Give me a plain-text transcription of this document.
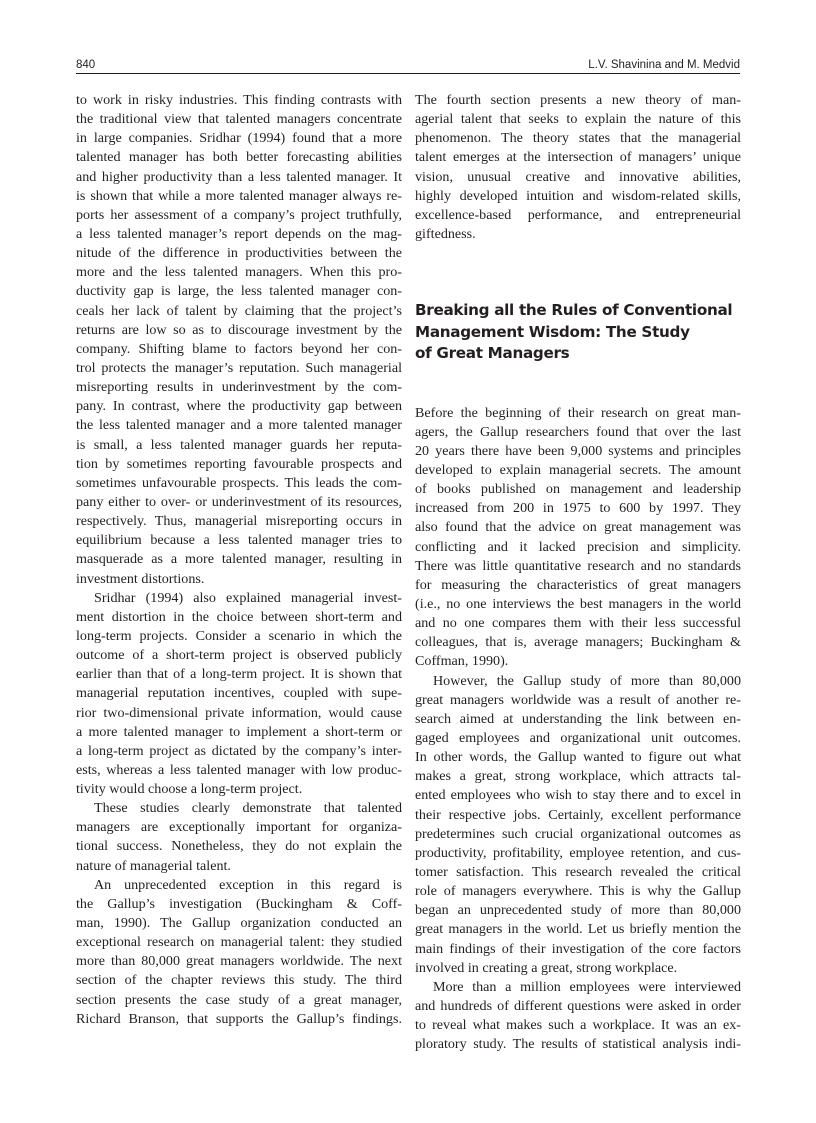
840	L.V. Shavinina and M. Medvid
to work in risky industries. This finding contrasts with
the traditional view that talented managers concentrate
in large companies. Sridhar (1994) found that a more
talented manager has both better forecasting abilities
and higher productivity than a less talented manager. It
is shown that while a more talented manager always re-
ports her assessment of a company’s project truthfully,
a less talented manager’s report depends on the mag-
nitude of the difference in productivities between the
more and the less talented managers. When this pro-
ductivity gap is large, the less talented manager con-
ceals her lack of talent by claiming that the project’s
returns are low so as to discourage investment by the
company. Shifting blame to factors beyond her con-
trol protects the manager’s reputation. Such managerial
misreporting results in underinvestment by the com-
pany. In contrast, where the productivity gap between
the less talented manager and a more talented manager
is small, a less talented manager guards her reputa-
tion by sometimes reporting favourable prospects and
sometimes unfavourable prospects. This leads the com-
pany either to over- or underinvestment of its resources,
respectively. Thus, managerial misreporting occurs in
equilibrium because a less talented manager tries to
masquerade as a more talented manager, resulting in
investment distortions.
Sridhar (1994) also explained managerial invest-
ment distortion in the choice between short-term and
long-term projects. Consider a scenario in which the
outcome of a short-term project is observed publicly
earlier than that of a long-term project. It is shown that
managerial reputation incentives, coupled with supe-
rior two-dimensional private information, would cause
a more talented manager to implement a short-term or
a long-term project as dictated by the company’s inter-
ests, whereas a less talented manager with low produc-
tivity would choose a long-term project.
These studies clearly demonstrate that talented
managers are exceptionally important for organiza-
tional success. Nonetheless, they do not explain the
nature of managerial talent.
An unprecedented exception in this regard is
the Gallup’s investigation (Buckingham & Coff-
man, 1990). The Gallup organization conducted an
exceptional research on managerial talent: they studied
more than 80,000 great managers worldwide. The next
section of the chapter reviews this study. The third
section presents the case study of a great manager,
Richard Branson, that supports the Gallup’s findings.
The fourth section presents a new theory of man-
agerial talent that seeks to explain the nature of this
phenomenon. The theory states that the managerial
talent emerges at the intersection of managers’ unique
vision, unusual creative and innovative abilities,
highly developed intuition and wisdom-related skills,
excellence-based performance, and entrepreneurial
giftedness.
Breaking all the Rules of Conventional
Management Wisdom: The Study
of Great Managers
Before the beginning of their research on great man-
agers, the Gallup researchers found that over the last
20 years there have been 9,000 systems and principles
developed to explain managerial secrets. The amount
of books published on management and leadership
increased from 200 in 1975 to 600 by 1997. They
also found that the advice on great management was
conflicting and it lacked precision and simplicity.
There was little quantitative research and no standards
for measuring the characteristics of great managers
(i.e., no one interviews the best managers in the world
and no one compares them with their less successful
colleagues, that is, average managers; Buckingham &
Coffman, 1990).
However, the Gallup study of more than 80,000
great managers worldwide was a result of another re-
search aimed at understanding the link between en-
gaged employees and organizational unit outcomes.
In other words, the Gallup wanted to figure out what
makes a great, strong workplace, which attracts tal-
ented employees who wish to stay there and to excel in
their respective jobs. Certainly, excellent performance
predetermines such crucial organizational outcomes as
productivity, profitability, employee retention, and cus-
tomer satisfaction. This research revealed the critical
role of managers everywhere. This is why the Gallup
began an unprecedented study of more than 80,000
great managers in the world. Let us briefly mention the
main findings of their investigation of the core factors
involved in creating a great, strong workplace.
More than a million employees were interviewed
and hundreds of different questions were asked in order
to reveal what makes such a workplace. It was an ex-
ploratory study. The results of statistical analysis indi-
